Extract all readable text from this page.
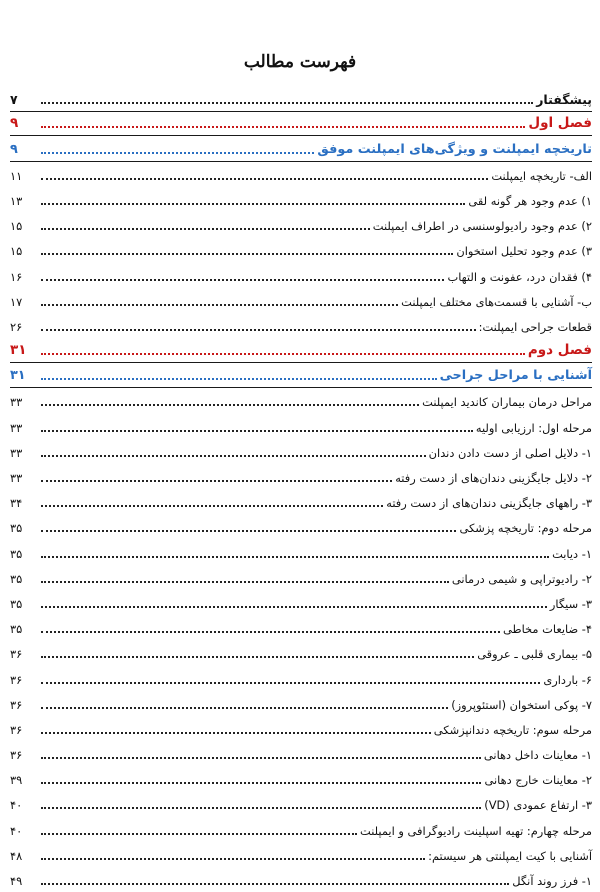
فهرست مطالب
پیشگفتار
۷
فصل اول
۹
تاریخچه ایمپلنت و ویژگی‌های ایمپلنت موفق
۹
الف- تاریخچه ایمپلنت
۱۱
۱) عدم وجود هر گونه لقی
۱۳
۲) عدم وجود رادیولوسنسی در اطراف ایمپلنت
۱۵
۳) عدم وجود تحلیل استخوان
۱۵
۴) فقدان درد، عفونت و التهاب
۱۶
ب- آشنایی با قسمت‌های مختلف ایمپلنت
۱۷
قطعات جراحی ایمپلنت:
۲۶
فصل دوم
۳۱
آشنایی با مراحل جراحی
۳۱
مراحل درمان بیماران کاندید ایمپلنت
۳۳
مرحله اول: ارزیابی اولیه
۳۳
۱- دلایل اصلی از دست دادن دندان
۳۳
۲- دلایل جایگزینی دندان‌های از دست رفته
۳۳
۳- راههای جایگزینی دندان‌های از دست رفته
۳۴
مرحله دوم: تاریخچه پزشکی
۳۵
۱- دیابت
۳۵
۲- رادیوتراپی و شیمی درمانی
۳۵
۳- سیگار
۳۵
۴- ضایعات مخاطی
۳۵
۵- بیماری قلبی ـ عروقی
۳۶
۶- بارداری
۳۶
۷- پوکی استخوان (استئوپروز)
۳۶
مرحله سوم: تاریخچه دندانپزشکی
۳۶
۱- معاینات داخل دهانی
۳۶
۲- معاینات خارج دهانی
۳۹
۳- ارتفاع عمودی (VD)
۴۰
مرحله چهارم: تهیه اسپلینت رادیوگرافی و ایمپلنت
۴۰
آشنایی با کیت ایمپلنتی هر سیستم:
۴۸
۱- فرز روند آنگل
۴۹
